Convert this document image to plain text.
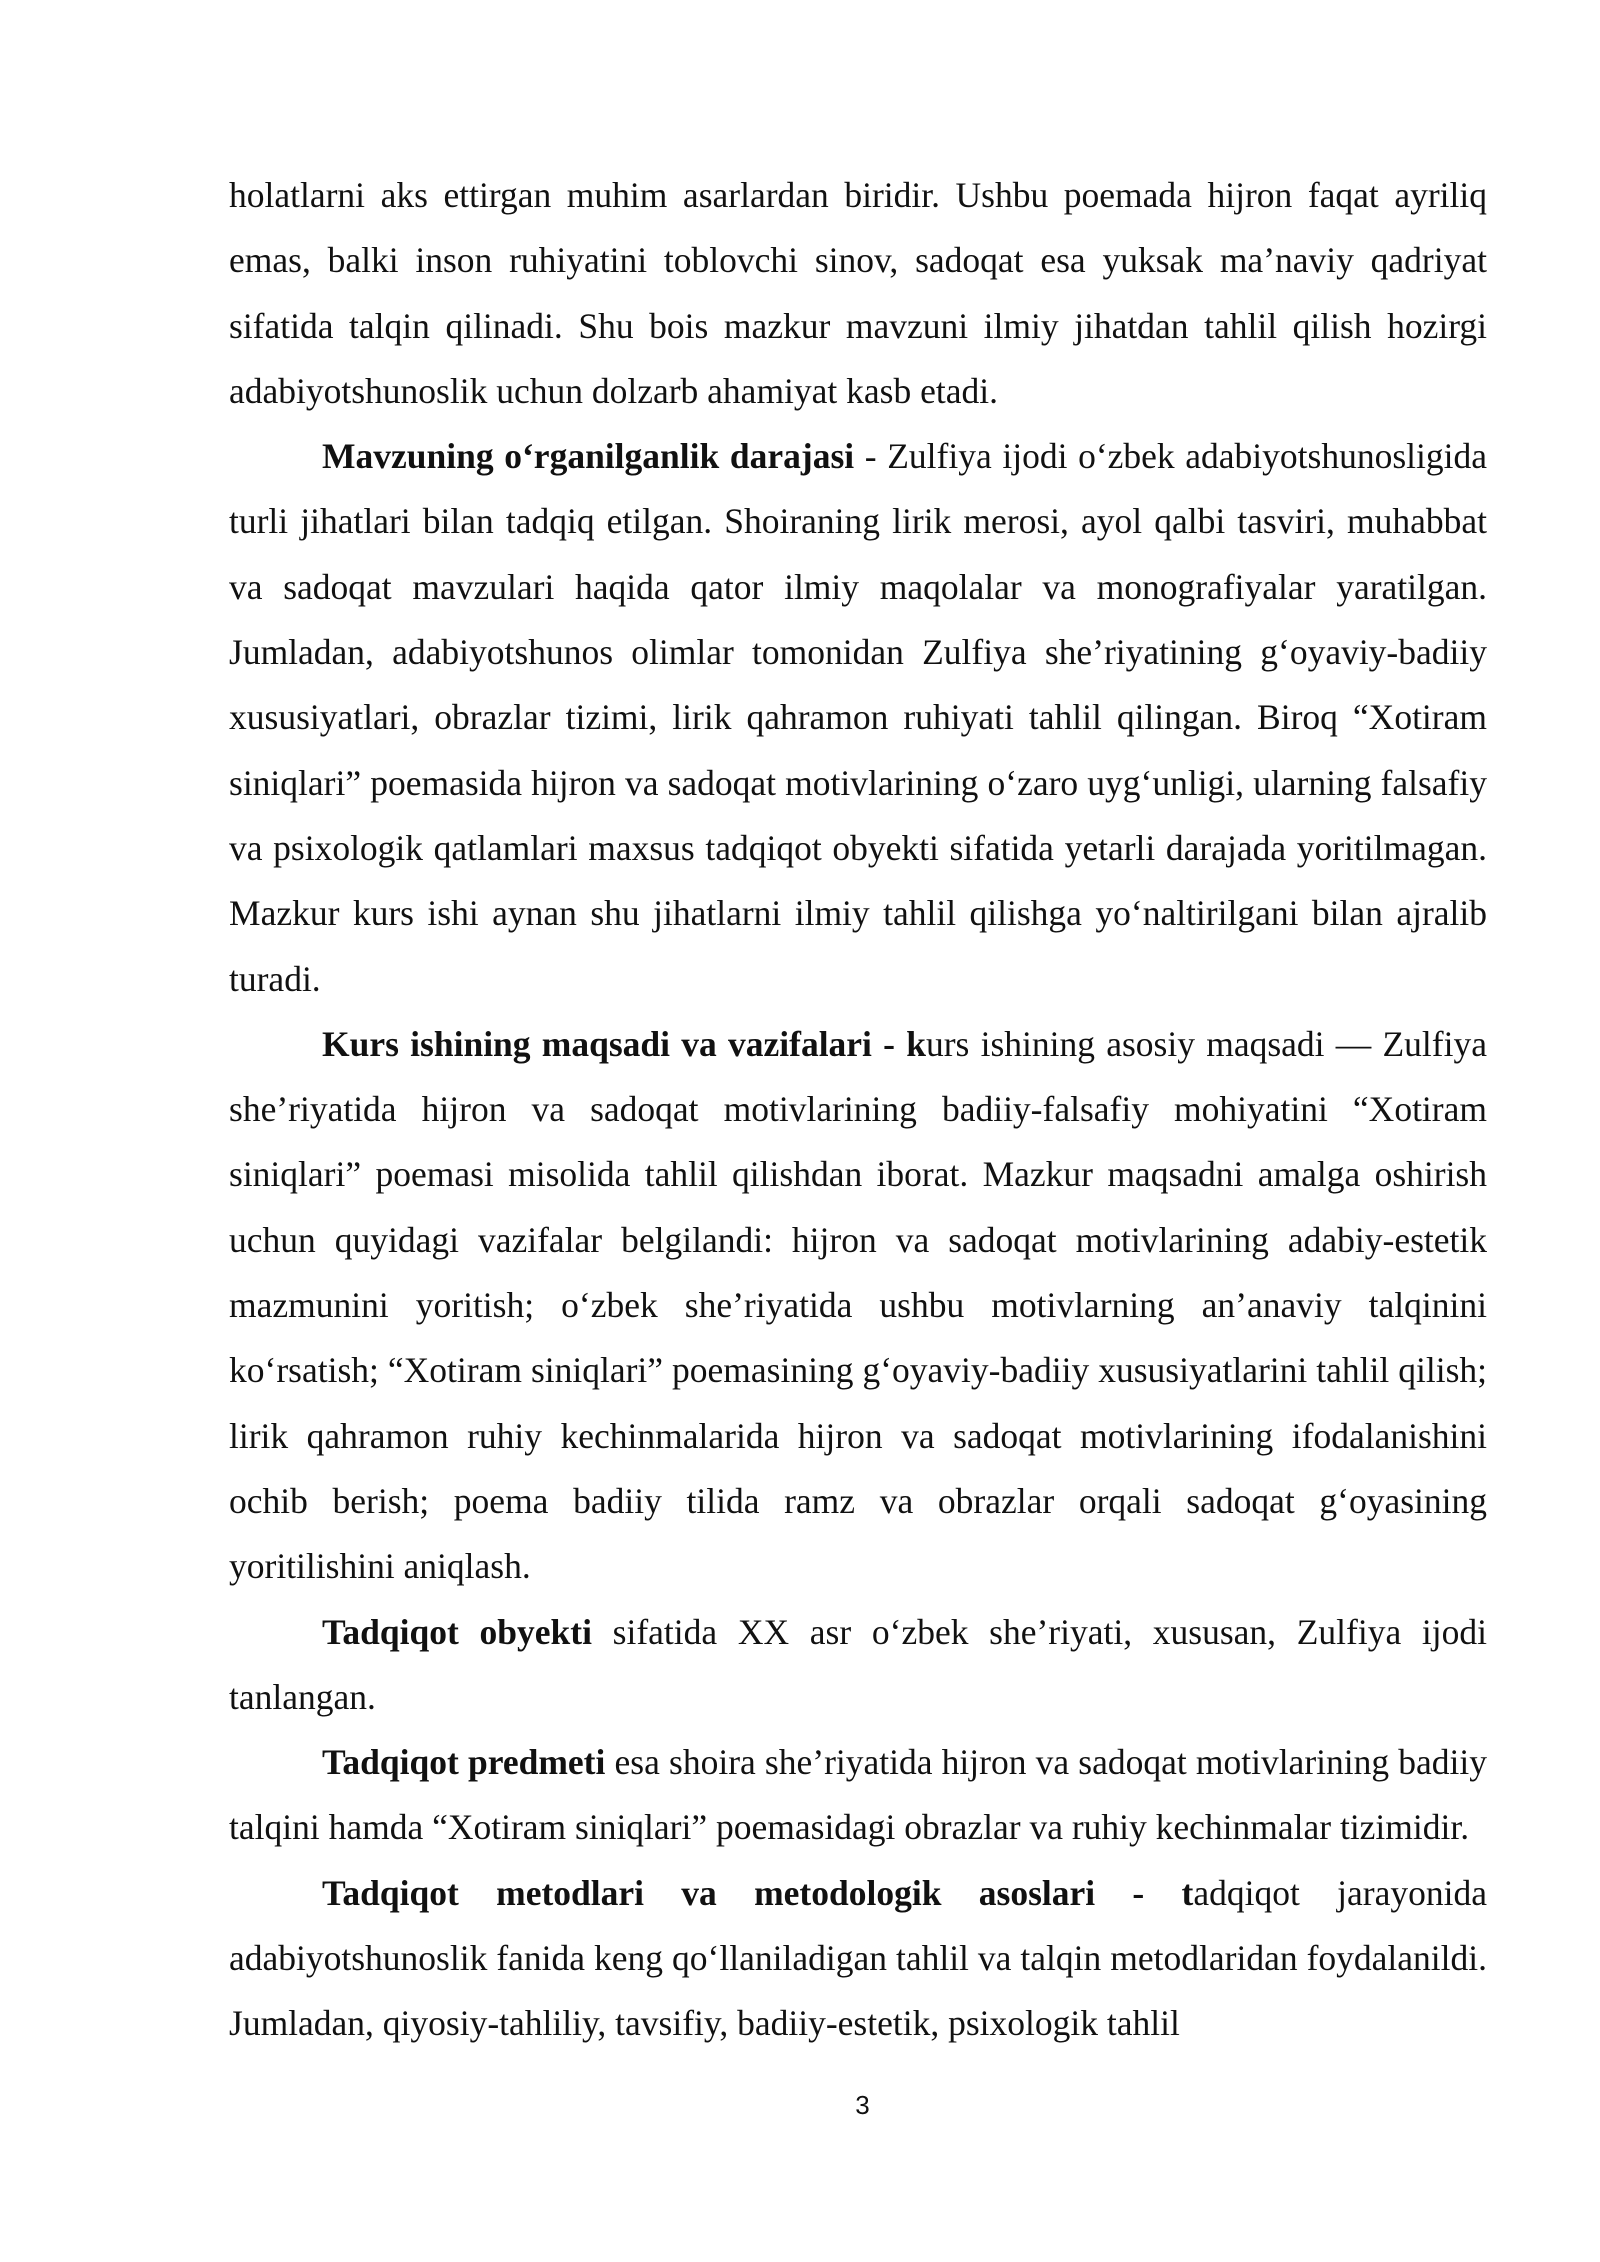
holatlarni aks ettirgan muhim asarlardan biridir. Ushbu poemada hijron faqat ayriliq emas, balki inson ruhiyatini toblovchi sinov, sadoqat esa yuksak ma’naviy qadriyat sifatida talqin qilinadi. Shu bois mazkur mavzuni ilmiy jihatdan tahlil qilish hozirgi adabiyotshunoslik uchun dolzarb ahamiyat kasb etadi.

Mavzuning o‘rganilganlik darajasi - Zulfiya ijodi o‘zbek adabiyotshunosligida turli jihatlari bilan tadqiq etilgan. Shoiraning lirik merosi, ayol qalbi tasviri, muhabbat va sadoqat mavzulari haqida qator ilmiy maqolalar va monografiyalar yaratilgan. Jumladan, adabiyotshunos olimlar tomonidan Zulfiya she’riyatining g‘oyaviy-badiiy xususiyatlari, obrazlar tizimi, lirik qahramon ruhiyati tahlil qilingan. Biroq “Xotiram siniqlari” poemasida hijron va sadoqat motivlarining o‘zaro uyg‘unligi, ularning falsafiy va psixologik qatlamlari maxsus tadqiqot obyekti sifatida yetarli darajada yoritilmagan. Mazkur kurs ishi aynan shu jihatlarni ilmiy tahlil qilishga yo‘naltirilgani bilan ajralib turadi.

Kurs ishining maqsadi va vazifalari - kurs ishining asosiy maqsadi — Zulfiya she’riyatida hijron va sadoqat motivlarining badiiy-falsafiy mohiyatini “Xotiram siniqlari” poemasi misolida tahlil qilishdan iborat. Mazkur maqsadni amalga oshirish uchun quyidagi vazifalar belgilandi: hijron va sadoqat motivlarining adabiy-estetik mazmunini yoritish; o‘zbek she’riyatida ushbu motivlarning an’anaviy talqinini ko‘rsatish; “Xotiram siniqlari” poemasining g‘oyaviy-badiiy xususiyatlarini tahlil qilish; lirik qahramon ruhiy kechinmalarida hijron va sadoqat motivlarining ifodalanishini ochib berish; poema badiiy tilida ramz va obrazlar orqali sadoqat g‘oyasining yoritilishini aniqlash.

Tadqiqot obyekti sifatida XX asr o‘zbek she’riyati, xususan, Zulfiya ijodi tanlangan.

Tadqiqot predmeti esa shoira she’riyatida hijron va sadoqat motivlarining badiiy talqini hamda “Xotiram siniqlari” poemasidagi obrazlar va ruhiy kechinmalar tizimidir.

Tadqiqot metodlari va metodologik asoslari - tadqiqot jarayonida adabiyotshunoslik fanida keng qo‘llaniladigan tahlil va talqin metodlaridan foydalanildi. Jumladan, qiyosiy-tahliliy, tavsifiy, badiiy-estetik, psixologik tahlil

3
